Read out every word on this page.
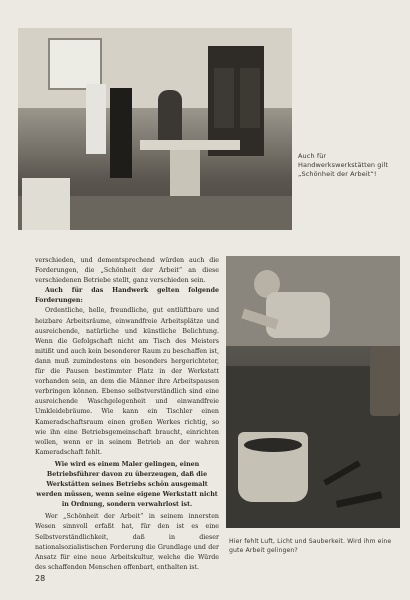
Auch für Handwerkswerkstätten gilt „Schönheit der Arbeit“!

verschieden, und dementsprechend würden auch die Forderungen, die „Schönheit der Arbeit“ an diese verschiedenen Betriebe stellt, ganz verschieden sein.

Auch für das Handwerk gelten folgende Forderungen:

Ordentliche, helle, freundliche, gut entlüftbare und heizbare Arbeitsräume, einwandfreie Arbeitsplätze und ausreichende, natürliche und künstliche Belichtung. Wenn die Gefolgschaft nicht am Tisch des Meisters mitißt und auch kein besonderer Raum zu beschaffen ist, dann muß zumindestens ein besonders hergerichteter, für die Pausen bestimmter Platz in der Werkstatt vorhanden sein, an dem die Männer ihre Arbeitspausen verbringen können. Ebenso selbstverständlich sind eine ausreichende Waschgelegenheit und einwandfreie Umkleidebräume. Wie kann ein Tischler einen Kameradschaftsraum einen großen Werkes richtig, so wie ihn eine Betriebsgemeinschaft braucht, einrichten wollen, wenn er in seinem Betrieb an der wahren Kameradschaft fehlt.

Wie wird es einem Maler gelingen, einen Betriebsführer davon zu überzeugen, daß die Werkstätten seines Betriebs schön ausgemalt werden müssen, wenn seine eigene Werkstatt nicht in Ordnung, sondern verwahrlost ist.

Wer „Schönheit der Arbeit“ in seinem innersten Wesen sinnvoll erfaßt hat, für den ist es eine Selbstverständlichkeit, daß in dieser nationalsozialistischen Forderung die Grundlage und der Ansatz für eine neue Arbeitskultur, welche die Würde des schaffenden Menschen offenbart, enthalten ist.

Hier fehlt Luft, Licht und Sauberkeit. Wird ihm eine gute Arbeit gelingen?
28
